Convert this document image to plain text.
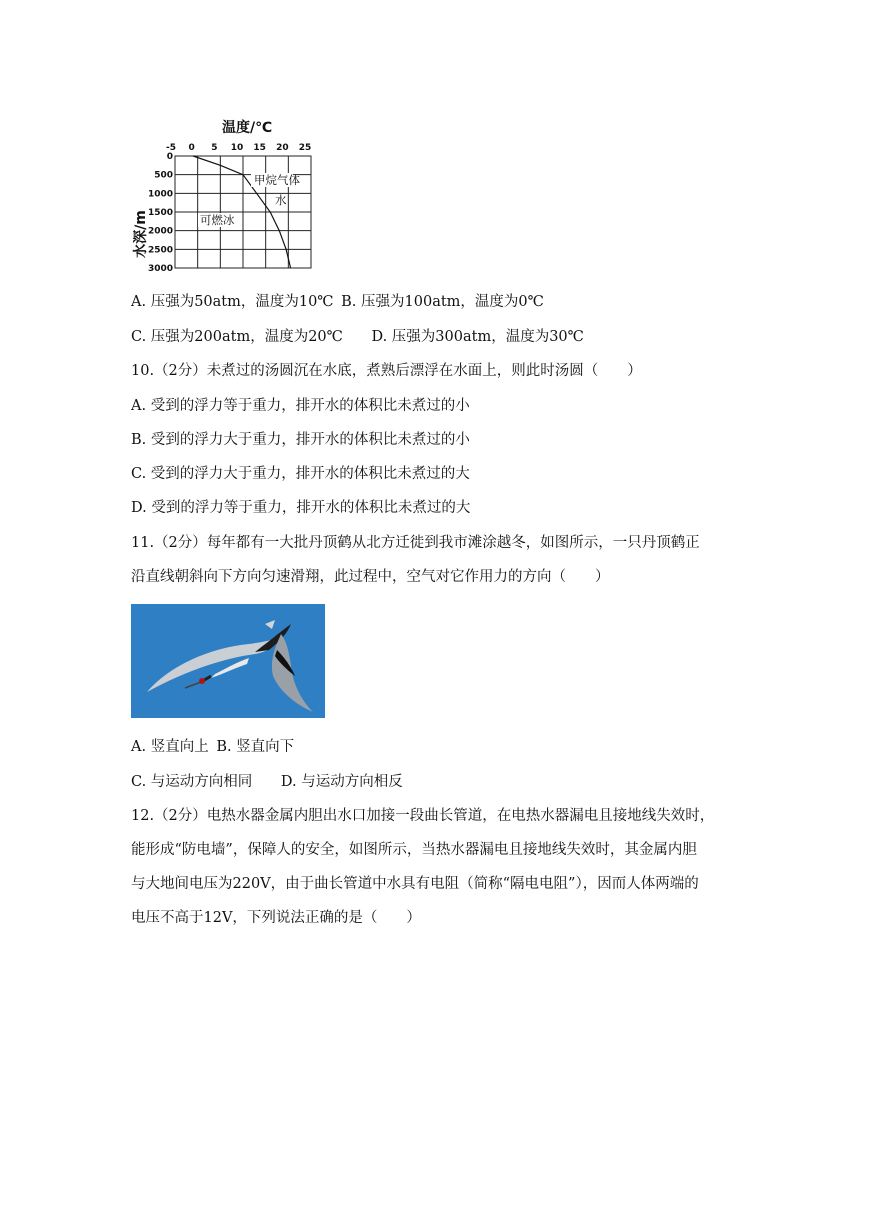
温度/℃
-5 0 5 10 15 20 25
0
500
1000
1500
2000
2500
3000
甲烷气体
水
可燃冰
水深/m
A. 压强为50atm，温度为10℃ B. 压强为100atm，温度为0℃
C. 压强为200atm，温度为20℃ D. 压强为300atm，温度为30℃
10.（2分）未煮过的汤圆沉在水底，煮熟后漂浮在水面上，则此时汤圆（　　）
A. 受到的浮力等于重力，排开水的体积比未煮过的小
B. 受到的浮力大于重力，排开水的体积比未煮过的小
C. 受到的浮力大于重力，排开水的体积比未煮过的大
D. 受到的浮力等于重力，排开水的体积比未煮过的大
11.（2分）每年都有一大批丹顶鹤从北方迁徙到我市滩涂越冬，如图所示，一只丹顶鹤正
沿直线朝斜向下方向匀速滑翔，此过程中，空气对它作用力的方向（　　）
A. 竖直向上 B. 竖直向下
C. 与运动方向相同 D. 与运动方向相反
12.（2分）电热水器金属内胆出水口加接一段曲长管道，在电热水器漏电且接地线失效时，
能形成“防电墙”，保障人的安全，如图所示，当热水器漏电且接地线失效时，其金属内胆
与大地间电压为220V，由于曲长管道中水具有电阻（简称“隔电电阻”），因而人体两端的
电压不高于12V，下列说法正确的是（　　）
